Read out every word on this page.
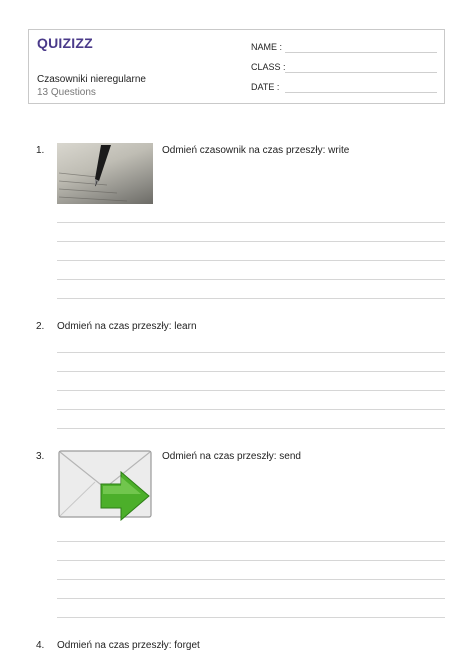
QUIZIZZ
Czasowniki nieregularne
13 Questions
NAME :
CLASS :
DATE :
1.	Odmień czasownik na czas przeszły: write
2. Odmień na czas przeszły: learn
3.	Odmień na czas przeszły: send
4. Odmień na czas przeszły: forget
